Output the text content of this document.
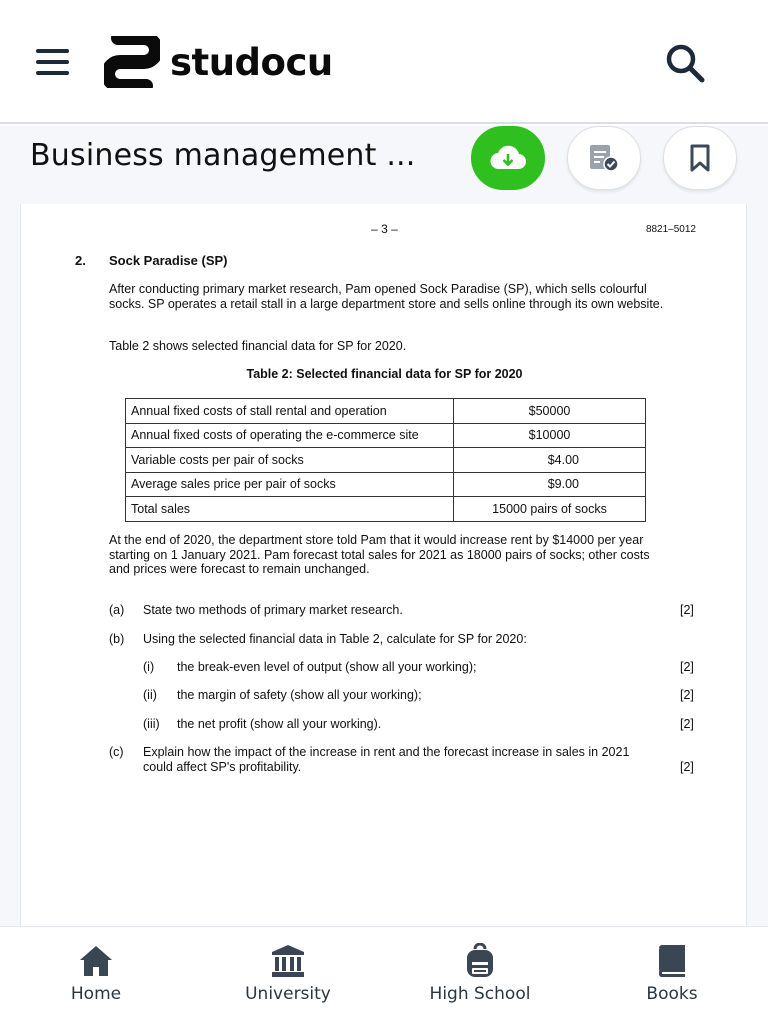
studocu
Business management ...
– 3 –	8821–5012
2. Sock Paradise (SP)
After conducting primary market research, Pam opened Sock Paradise (SP), which sells colourful socks. SP operates a retail stall in a large department store and sells online through its own website.
Table 2 shows selected financial data for SP for 2020.
Table 2: Selected financial data for SP for 2020
Annual fixed costs of stall rental and operation	$50000
Annual fixed costs of operating the e-commerce site	$10000
Variable costs per pair of socks	$4.00
Average sales price per pair of socks	$9.00
Total sales	15000 pairs of socks
At the end of 2020, the department store told Pam that it would increase rent by $14000 per year starting on 1 January 2021. Pam forecast total sales for 2021 as 18000 pairs of socks; other costs and prices were forecast to remain unchanged.
(a) State two methods of primary market research.	[2]
(b) Using the selected financial data in Table 2, calculate for SP for 2020:
(i) the break-even level of output (show all your working);	[2]
(ii) the margin of safety (show all your working);	[2]
(iii) the net profit (show all your working).	[2]
(c) Explain how the impact of the increase in rent and the forecast increase in sales in 2021 could affect SP's profitability.	[2]
Home	University	High School	Books
